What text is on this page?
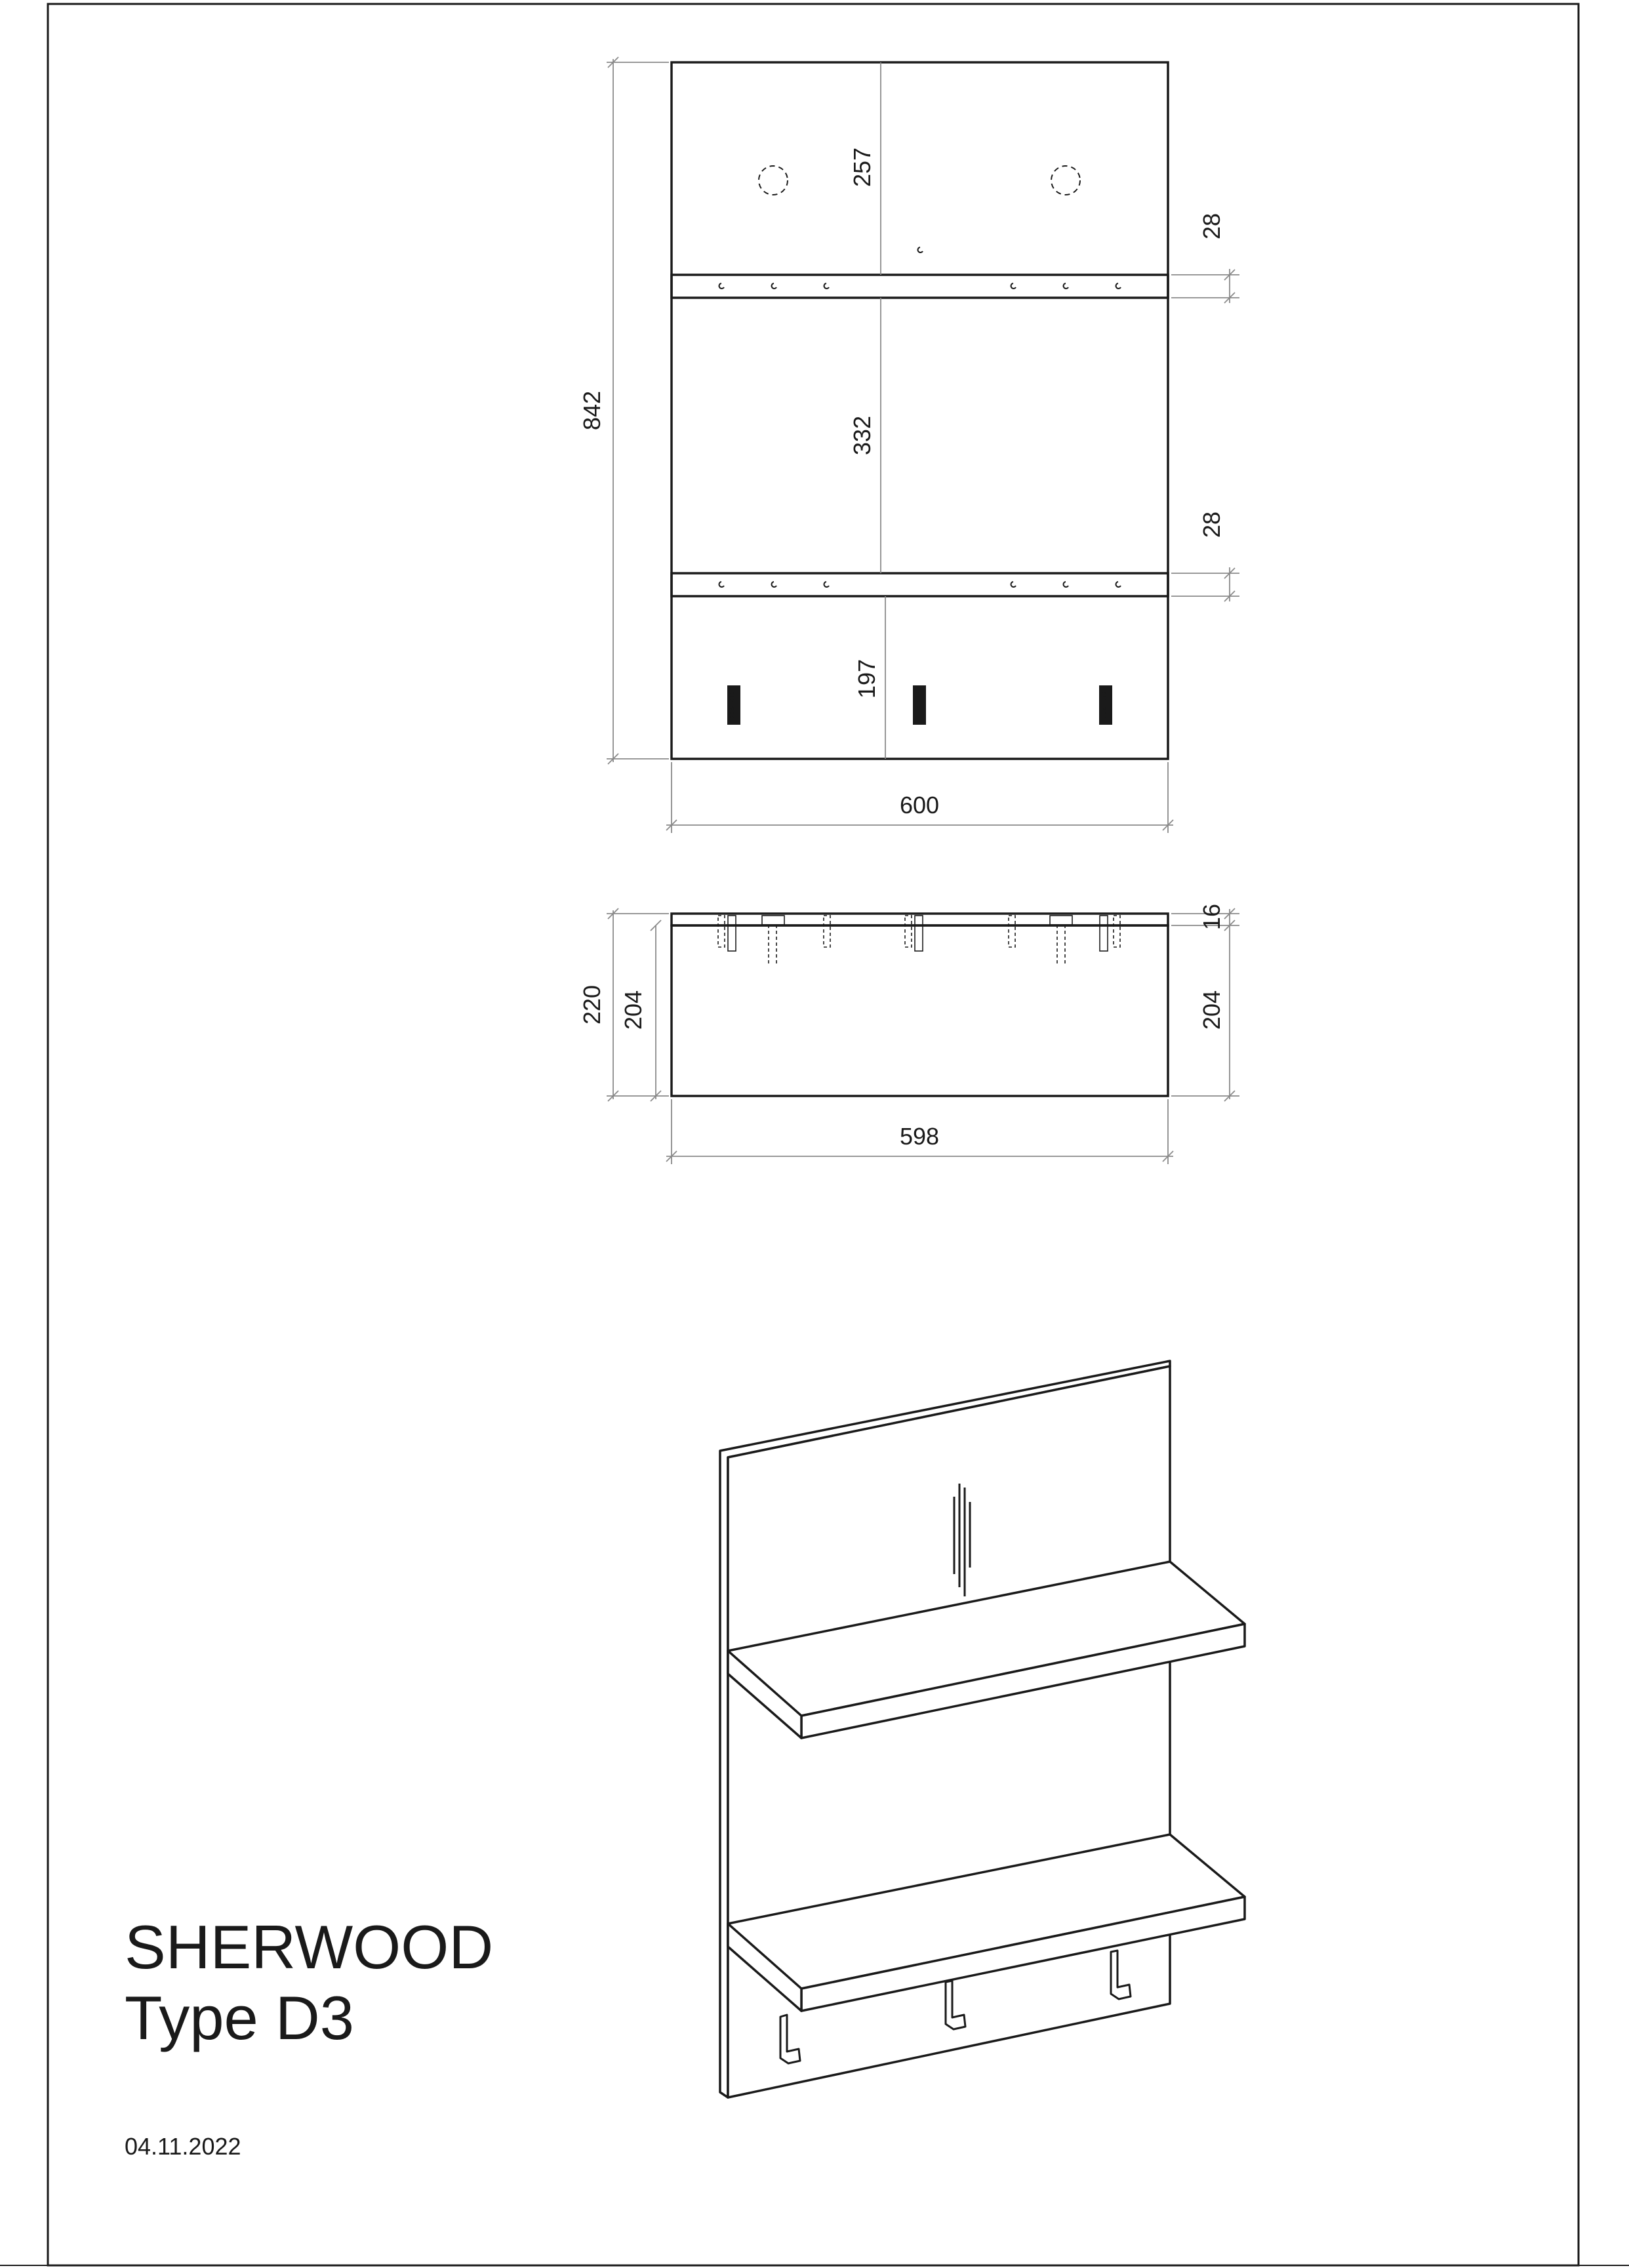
SD SHERD	SD SHERD	SD SHERD
842
257
332
197
600
28
28
220 204
16
204
598
SHERWOOD
Type D3
04.11.2022
